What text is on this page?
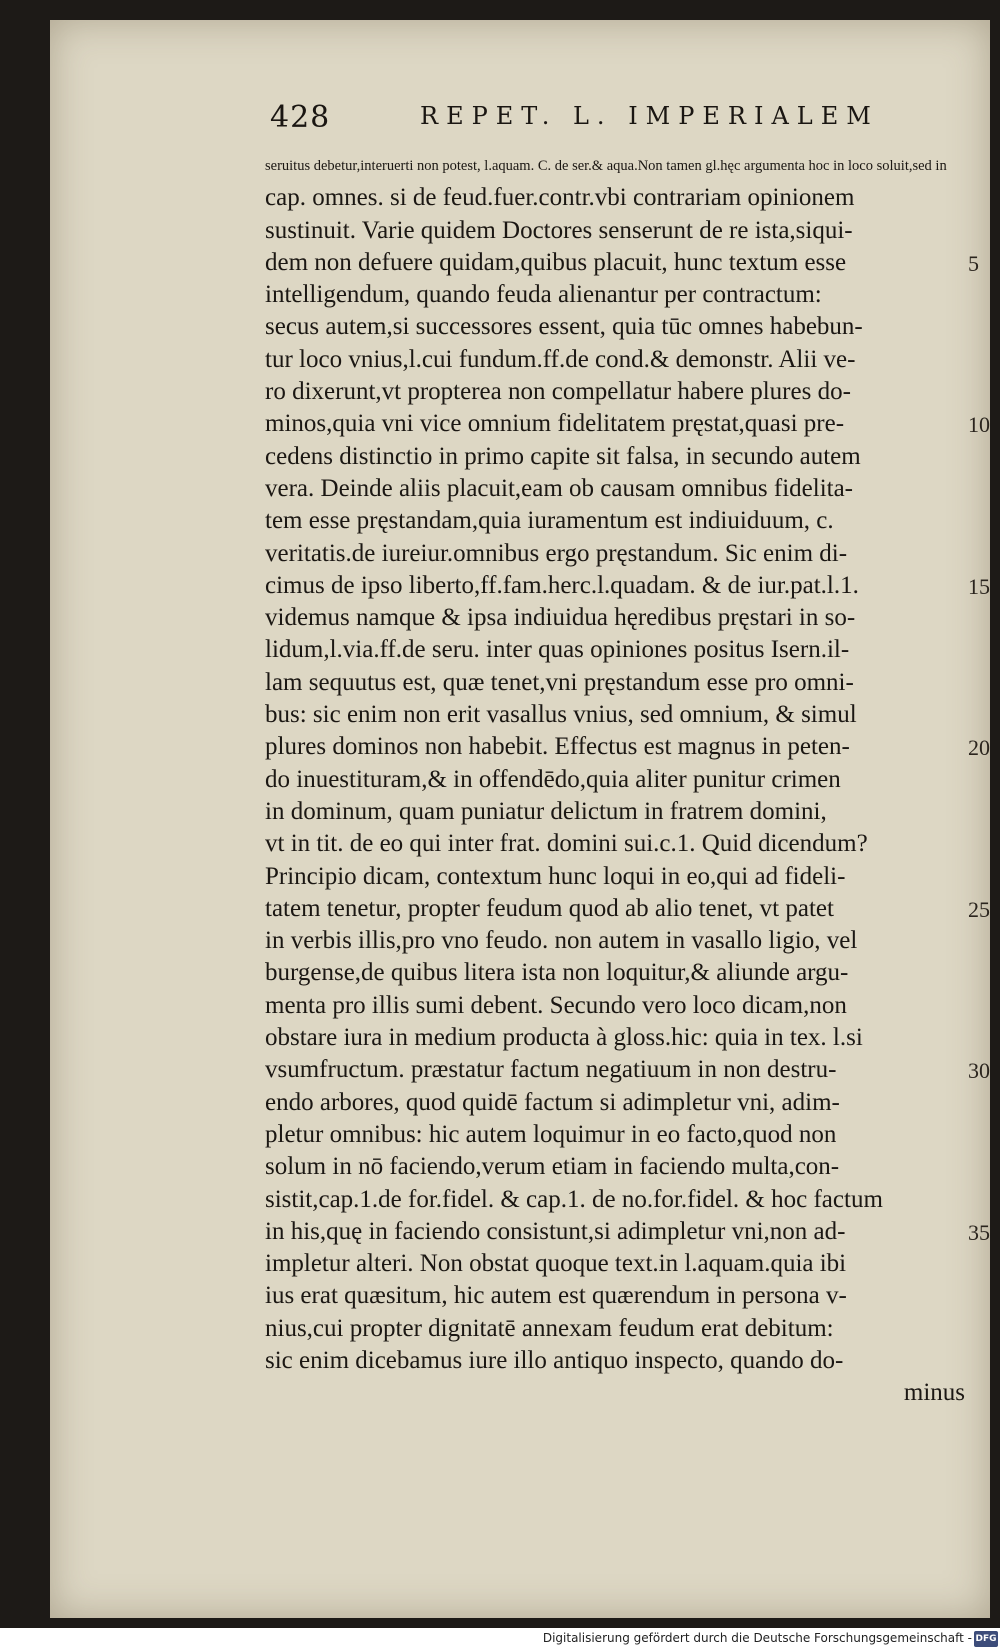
428	REPET. L. IMPERIALEM
seruitus debetur,interuerti non potest, l.aquam. C. de ser.& aqua.Non tamen gl.hęc argumenta hoc in loco soluit,sed in
cap. omnes. si de feud.fuer.contr.vbi contrariam opinionem
sustinuit. Varie quidem Doctores senserunt de re ista,siqui-
dem non defuere quidam,quibus placuit, hunc textum esse
intelligendum, quando feuda alienantur per contractum:
secus autem,si successores essent, quia tūc omnes habebun-
tur loco vnius,l.cui fundum.ff.de cond.& demonstr. Alii ve-
ro dixerunt,vt propterea non compellatur habere plures do-
minos,quia vni vice omnium fidelitatem pręstat,quasi pre-
cedens distinctio in primo capite sit falsa, in secundo autem
vera. Deinde aliis placuit,eam ob causam omnibus fidelita-
tem esse pręstandam,quia iuramentum est indiuiduum, c.
veritatis.de iureiur.omnibus ergo pręstandum. Sic enim di-
cimus de ipso liberto,ff.fam.herc.l.quadam. & de iur.pat.l.1.
videmus namque & ipsa indiuidua hęredibus pręstari in so-
lidum,l.via.ff.de seru. inter quas opiniones positus Isern.il-
lam sequutus est, quæ tenet,vni pręstandum esse pro omni-
bus: sic enim non erit vasallus vnius, sed omnium, & simul
plures dominos non habebit. Effectus est magnus in peten-
do inuestituram,& in offendēdo,quia aliter punitur crimen
in dominum, quam puniatur delictum in fratrem domini,
vt in tit. de eo qui inter frat. domini sui.c.1. Quid dicendum?
Principio dicam, contextum hunc loqui in eo,qui ad fideli-
tatem tenetur, propter feudum quod ab alio tenet, vt patet
in verbis illis,pro vno feudo. non autem in vasallo ligio, vel
burgense,de quibus litera ista non loquitur,& aliunde argu-
menta pro illis sumi debent. Secundo vero loco dicam,non
obstare iura in medium producta à gloss.hic: quia in tex. l.si
vsumfructum. præstatur factum negatiuum in non destru-
endo arbores, quod quidē factum si adimpletur vni, adim-
pletur omnibus: hic autem loquimur in eo facto,quod non
solum in nō faciendo,verum etiam in faciendo multa,con-
sistit,cap.1.de for.fidel. & cap.1. de no.for.fidel. & hoc factum
in his,quę in faciendo consistunt,si adimpletur vni,non ad-
impletur alteri. Non obstat quoque text.in l.aquam.quia ibi
ius erat quæsitum, hic autem est quærendum in persona v-
nius,cui propter dignitatē annexam feudum erat debitum:
sic enim dicebamus iure illo antiquo inspecto, quando do-
minus
5
10
15
20
25
30
35
Digitalisierung gefördert durch die Deutsche Forschungsgemeinschaft - DFG
